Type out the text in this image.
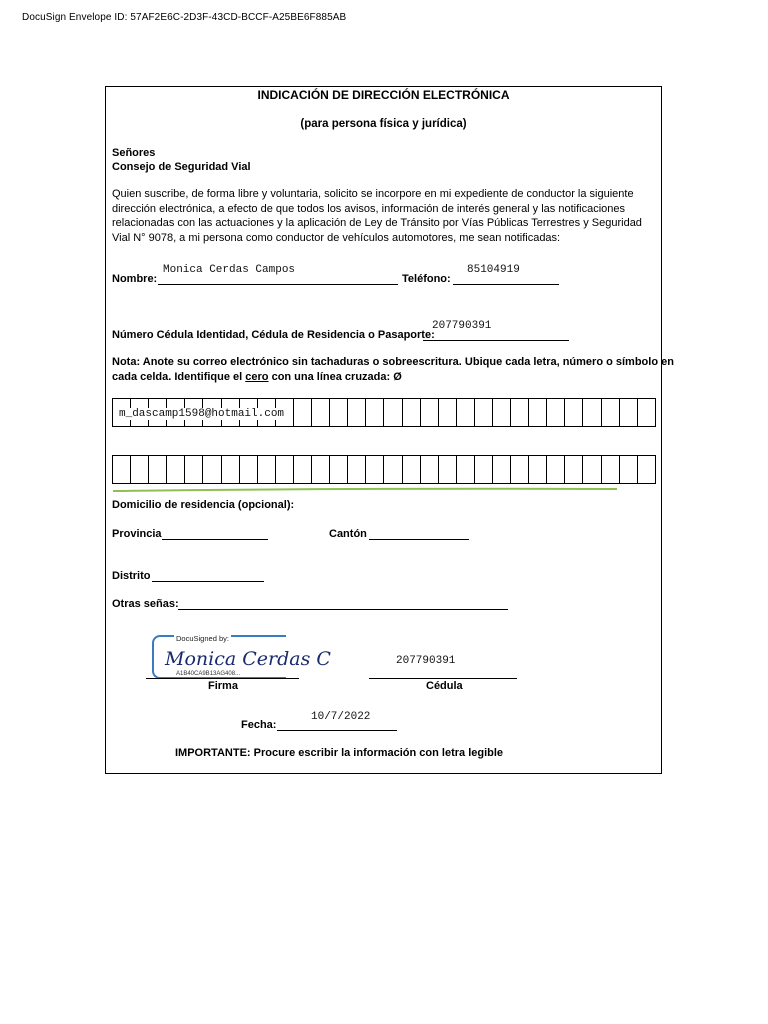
DocuSign Envelope ID: 57AF2E6C-2D3F-43CD-BCCF-A25BE6F885AB
INDICACIÓN DE DIRECCIÓN ELECTRÓNICA
(para persona física y jurídica)
Señores
Consejo de Seguridad Vial
Quien suscribe, de forma libre y voluntaria, solicito se incorpore en mi expediente de conductor la siguiente dirección electrónica, a efecto de que todos los avisos, información de interés general y las notificaciones relacionadas con las actuaciones y la aplicación de Ley de Tránsito por Vías Públicas Terrestres y Seguridad Vial N° 9078, a mi persona como conductor de vehículos automotores, me sean notificadas:
Monica Cerdas Campos
Nombre:
85104919
Teléfono:
207790391
Número Cédula Identidad, Cédula de Residencia o Pasaporte:
Nota: Anote su correo electrónico sin tachaduras o sobreescritura. Ubique cada letra, número o símbolo en
cada celda. Identifique el cero con una línea cruzada: Ø
m_dascamp1598@hotmail.com
Domicilio de residencia (opcional):
Provincia	Cantón
Distrito
Otras señas:
DocuSigned by:
Monica Cerdas C
A1B40CA9B13AG408...
Firma
207790391
Cédula
10/7/2022
Fecha:
IMPORTANTE: Procure escribir la información con letra legible
